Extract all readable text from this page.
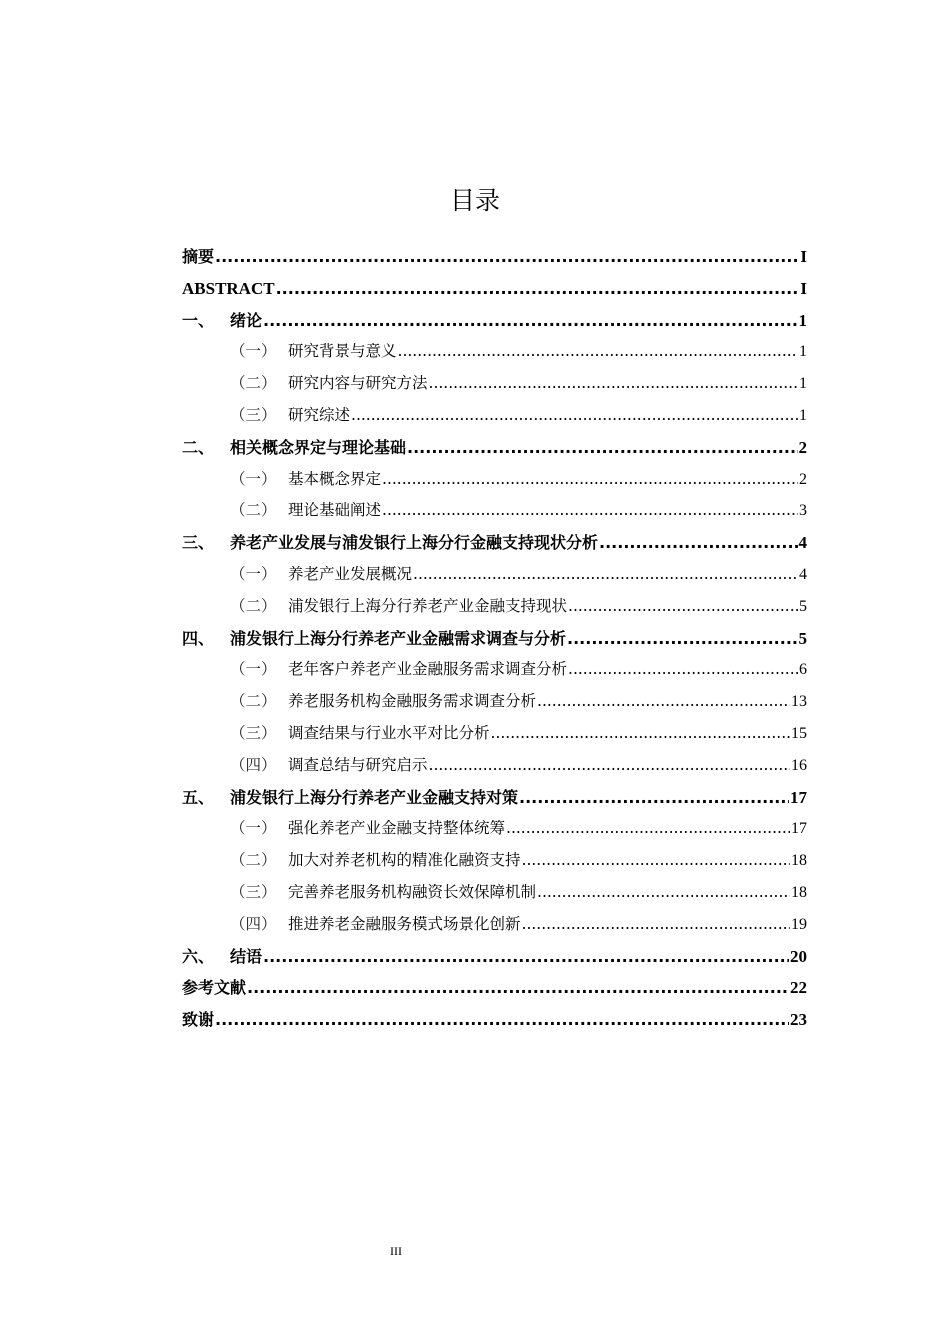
目录
摘要 .....	I
ABSTRACT .....	I
一、 绪论 .....	1
（一） 研究背景与意义 .....	1
（二） 研究内容与研究方法 .....	1
（三） 研究综述 .....	1
二、 相关概念界定与理论基础 .....	2
（一） 基本概念界定 .....	2
（二） 理论基础阐述 .....	3
三、 养老产业发展与浦发银行上海分行金融支持现状分析 .....	4
（一） 养老产业发展概况 .....	4
（二） 浦发银行上海分行养老产业金融支持现状 .....	5
四、 浦发银行上海分行养老产业金融需求调查与分析 .....	5
（一） 老年客户养老产业金融服务需求调查分析 .....	6
（二） 养老服务机构金融服务需求调查分析 .....	13
（三） 调查结果与行业水平对比分析 .....	15
（四） 调查总结与研究启示 .....	16
五、 浦发银行上海分行养老产业金融支持对策 .....	17
（一） 强化养老产业金融支持整体统筹 .....	17
（二） 加大对养老机构的精准化融资支持 .....	18
（三） 完善养老服务机构融资长效保障机制 .....	18
（四） 推进养老金融服务模式场景化创新 .....	19
六、 结语 .....	20
参考文献 .....	22
致谢 .....	23
III
